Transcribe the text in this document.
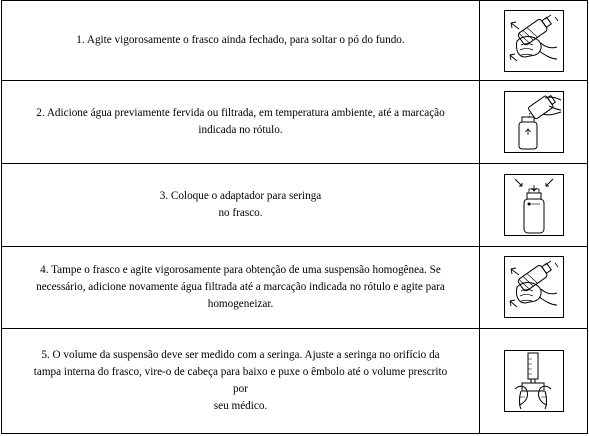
1. Agite vigorosamente o frasco ainda fechado, para soltar o pó do fundo.

2. Adicione água previamente fervida ou filtrada, em temperatura ambiente, até a marcação
indicada no rótulo.

3. Coloque o adaptador para seringa
no frasco.

4. Tampe o frasco e agite vigorosamente para obtenção de uma suspensão homogênea. Se
necessário, adicione novamente água filtrada até a marcação indicada no rótulo e agite para
homogeneizar.

5. O volume da suspensão deve ser medido com a seringa. Ajuste a seringa no orifício da
tampa interna do frasco, vire-o de cabeça para baixo e puxe o êmbolo até o volume prescrito
por
seu médico.
